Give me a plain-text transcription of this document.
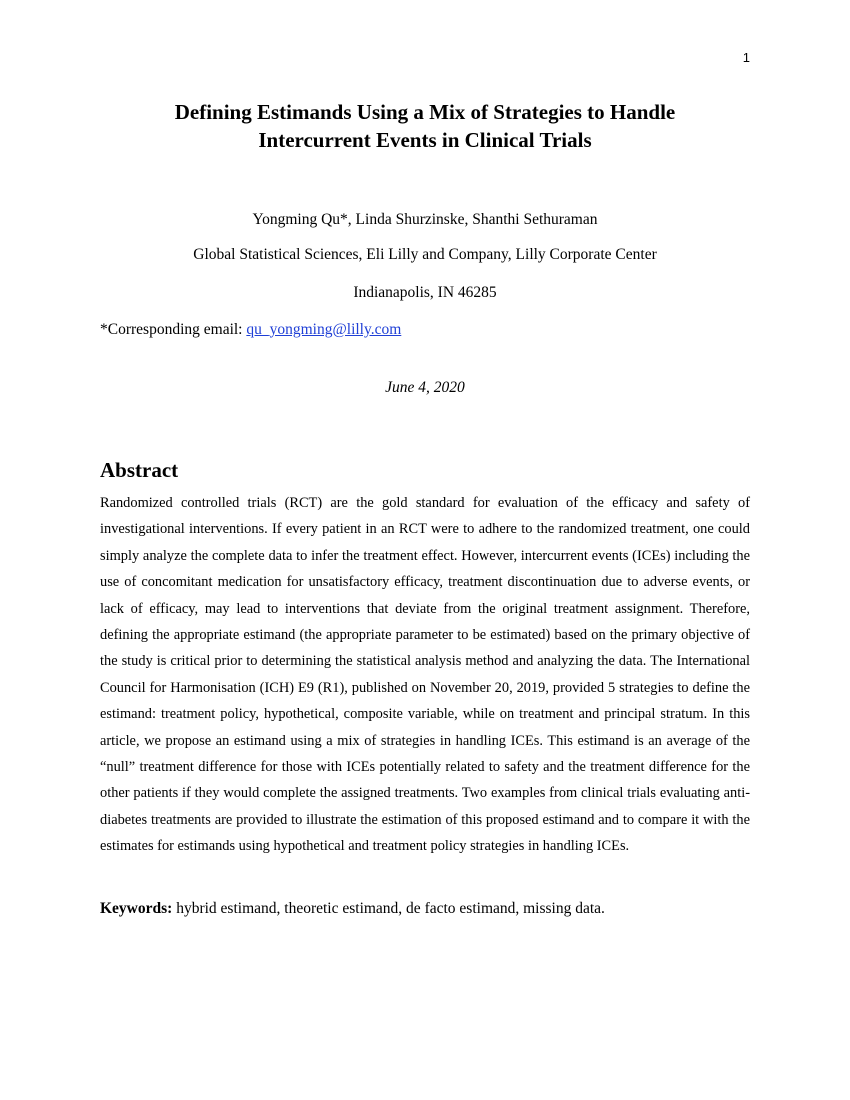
1
Defining Estimands Using a Mix of Strategies to Handle
Intercurrent Events in Clinical Trials
Yongming Qu*, Linda Shurzinske, Shanthi Sethuraman
Global Statistical Sciences, Eli Lilly and Company, Lilly Corporate Center
Indianapolis, IN 46285
*Corresponding email: qu_yongming@lilly.com
June 4, 2020
Abstract

Randomized controlled trials (RCT) are the gold standard for evaluation of the efficacy and safety of investigational interventions. If every patient in an RCT were to adhere to the randomized treatment, one could simply analyze the complete data to infer the treatment effect. However, intercurrent events (ICEs) including the use of concomitant medication for unsatisfactory efficacy, treatment discontinuation due to adverse events, or lack of efficacy, may lead to interventions that deviate from the original treatment assignment. Therefore, defining the appropriate estimand (the appropriate parameter to be estimated) based on the primary objective of the study is critical prior to determining the statistical analysis method and analyzing the data. The International Council for Harmonisation (ICH) E9 (R1), published on November 20, 2019, provided 5 strategies to define the estimand: treatment policy, hypothetical, composite variable, while on treatment and principal stratum. In this article, we propose an estimand using a mix of strategies in handling ICEs. This estimand is an average of the “null” treatment difference for those with ICEs potentially related to safety and the treatment difference for the other patients if they would complete the assigned treatments. Two examples from clinical trials evaluating anti-diabetes treatments are provided to illustrate the estimation of this proposed estimand and to compare it with the estimates for estimands using hypothetical and treatment policy strategies in handling ICEs.

Keywords: hybrid estimand, theoretic estimand, de facto estimand, missing data.
